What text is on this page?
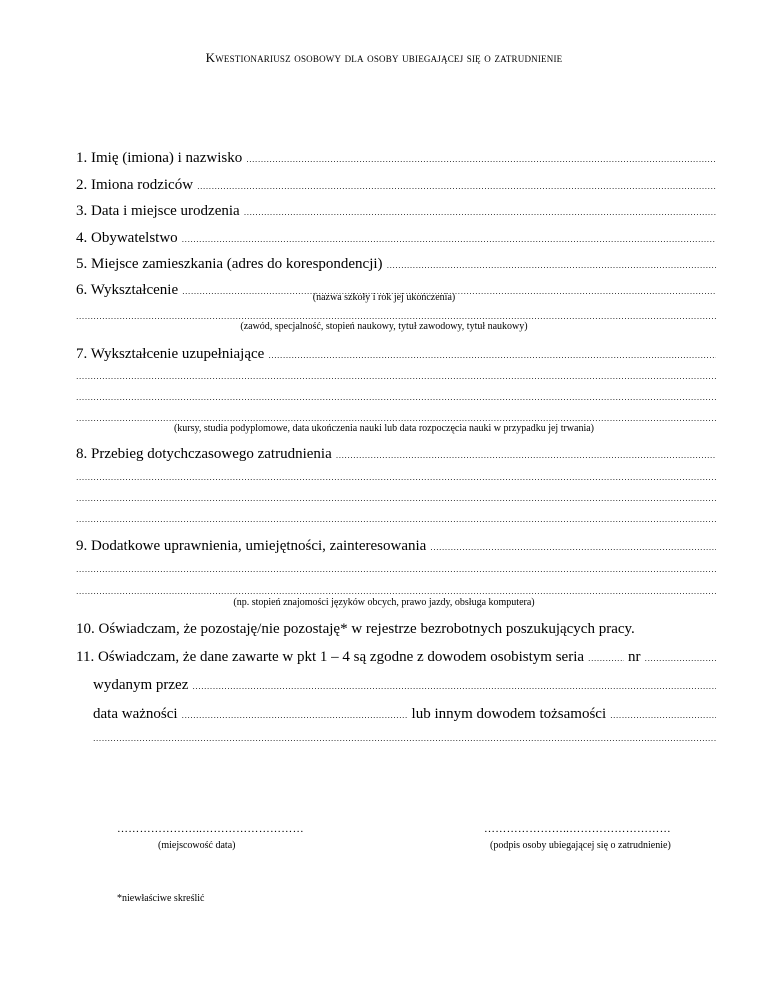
Kwestionariusz osobowy dla osoby ubiegającej się o zatrudnienie
1. Imię (imiona) i nazwisko
.....
2. Imiona rodziców
.....
3. Data i miejsce urodzenia
.....
4. Obywatelstwo
.....
5. Miejsce zamieszkania (adres do korespondencji)
.....
6. Wykształcenie
.....	(nazwa szkoły i rok jej ukończenia)
.....
(zawód, specjalność, stopień naukowy, tytuł zawodowy, tytuł naukowy)
7. Wykształcenie uzupełniające
.....
.....
.....
.....
(kursy, studia podyplomowe, data ukończenia nauki lub data rozpoczęcia nauki w przypadku jej trwania)
8. Przebieg dotychczasowego zatrudnienia
.....
.....
.....
.....
9. Dodatkowe uprawnienia, umiejętności, zainteresowania
.....
.....
.....
(np. stopień znajomości języków obcych, prawo jazdy, obsługa komputera)
10. Oświadczam, że pozostaję/nie pozostaję* w rejestrze bezrobotnych poszukujących pracy.
11. Oświadczam, że dane zawarte w pkt 1 – 4 są zgodne z dowodem osobistym seria .....	nr
.....
wydanym przez
.....
data ważności .....	lub innym dowodem tożsamości
.....
.....
…………………..………………………
(miejscowość data)
…………………..………………………	(podpis osoby ubiegającej się o zatrudnienie)
*niewłaściwe skreślić
